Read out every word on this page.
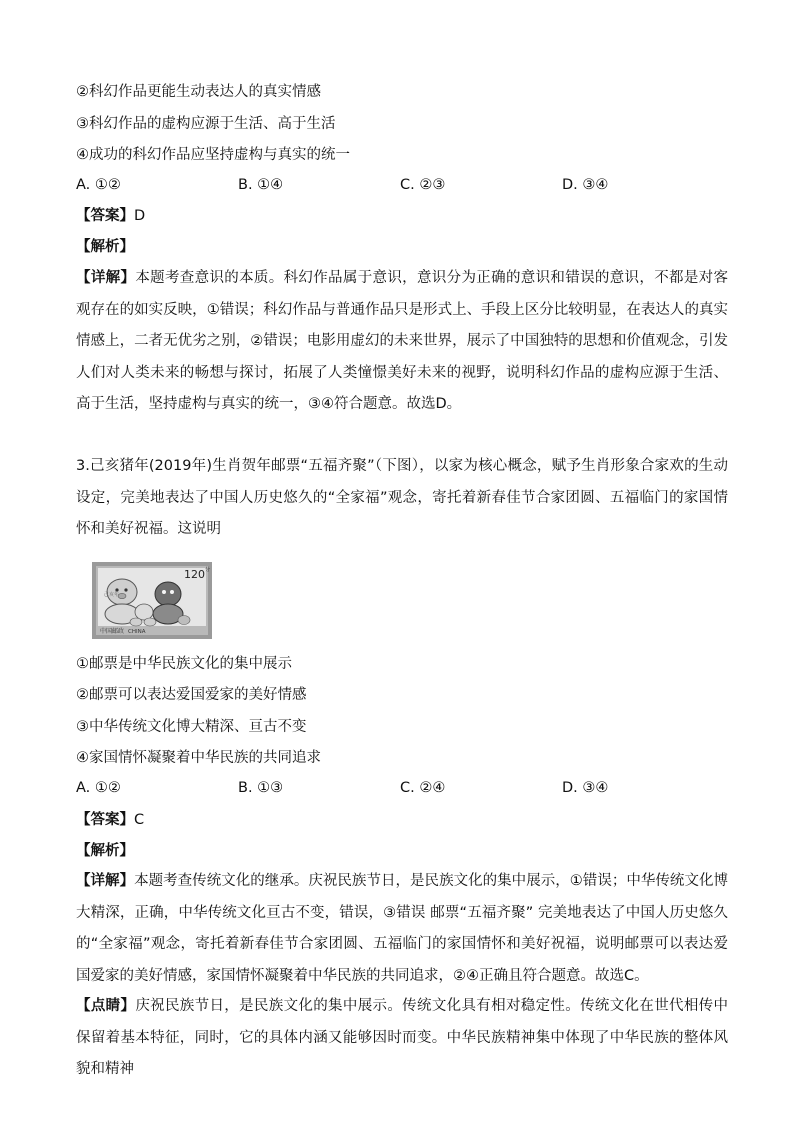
②科幻作品更能生动表达人的真实情感
③科幻作品的虚构应源于生活、高于生活
④成功的科幻作品应坚持虚构与真实的统一
A. ①②	B. ①④	C. ②③	D. ③④
【答案】D
【解析】
【详解】本题考查意识的本质。科幻作品属于意识，意识分为正确的意识和错误的意识，不都是对客观存在的如实反映，①错误；科幻作品与普通作品只是形式上、手段上区分比较明显，在表达人的真实情感上，二者无优劣之别，②错误；电影用虚幻的未来世界，展示了中国独特的思想和价值观念，引发人们对人类未来的畅想与探讨，拓展了人类憧憬美好未来的视野，说明科幻作品的虚构应源于生活、高于生活，坚持虚构与真实的统一，③④符合题意。故选D。
3.己亥猪年(2019年)生肖贺年邮票“五福齐聚”（下图），以家为核心概念，赋予生肖形象合家欢的生动设定，完美地表达了中国人历史悠久的“全家福”观念，寄托着新春佳节合家团圆、五福临门的家国情怀和美好祝福。这说明
己亥年
120 分
中国邮政 CHINA
①邮票是中华民族文化的集中展示
②邮票可以表达爱国爱家的美好情感
③中华传统文化博大精深、亘古不变
④家国情怀凝聚着中华民族的共同追求
A. ①②	B. ①③	C. ②④	D. ③④
【答案】C
【解析】
【详解】本题考查传统文化的继承。庆祝民族节日，是民族文化的集中展示，①错误；中华传统文化博大精深，正确，中华传统文化亘古不变，错误，③错误 邮票“五福齐聚” 完美地表达了中国人历史悠久的“全家福”观念，寄托着新春佳节合家团圆、五福临门的家国情怀和美好祝福，说明邮票可以表达爱国爱家的美好情感，家国情怀凝聚着中华民族的共同追求，②④正确且符合题意。故选C。
【点睛】庆祝民族节日，是民族文化的集中展示。传统文化具有相对稳定性。传统文化在世代相传中保留着基本特征，同时，它的具体内涵又能够因时而变。中华民族精神集中体现了中华民族的整体风貌和精神
